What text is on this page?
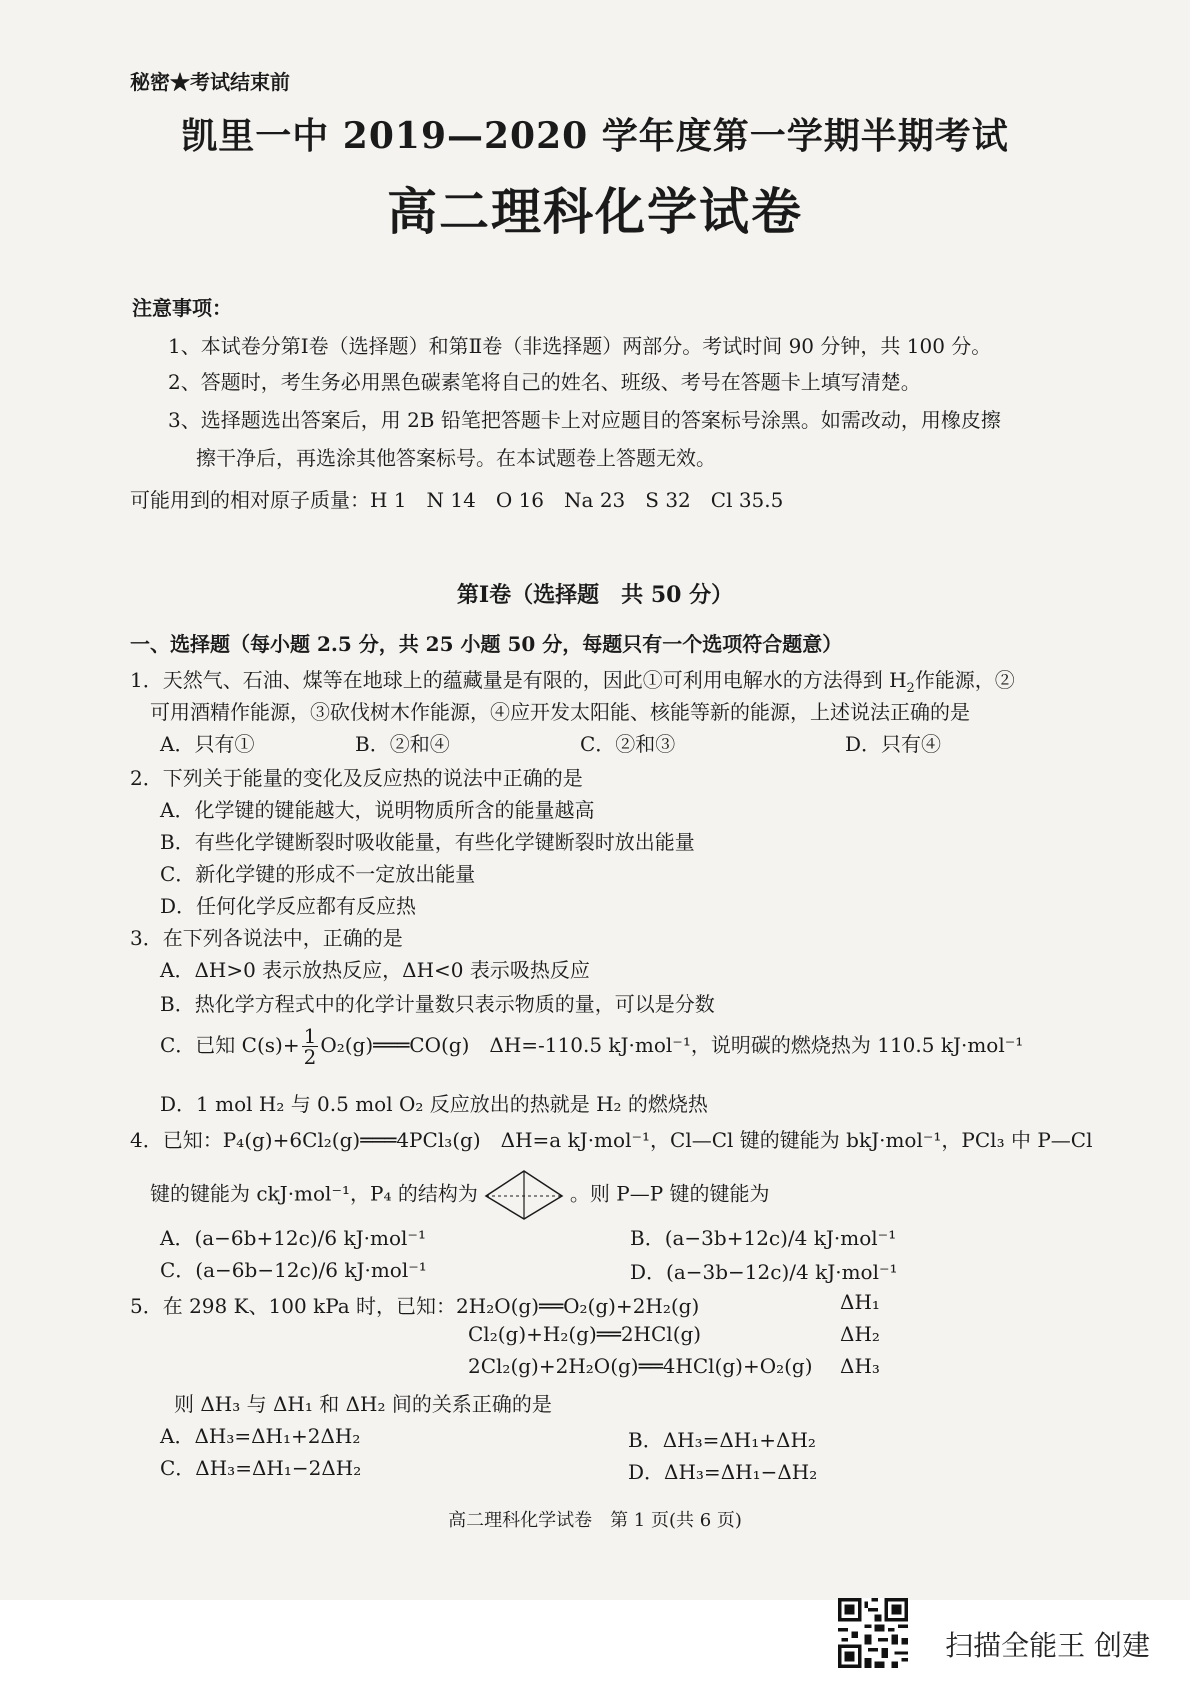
秘密★考试结束前
凯里一中 2019—2020 学年度第一学期半期考试
高二理科化学试卷
注意事项：
1、本试卷分第Ⅰ卷（选择题）和第Ⅱ卷（非选择题）两部分。考试时间 90 分钟，共 100 分。
2、答题时，考生务必用黑色碳素笔将自己的姓名、班级、考号在答题卡上填写清楚。
3、选择题选出答案后，用 2B 铅笔把答题卡上对应题目的答案标号涂黑。如需改动，用橡皮擦
擦干净后，再选涂其他答案标号。在本试题卷上答题无效。
可能用到的相对原子质量：H 1　N 14　O 16　Na 23　S 32　Cl 35.5
第Ⅰ卷（选择题　共 50 分）
一、选择题（每小题 2.5 分，共 25 小题 50 分，每题只有一个选项符合题意）
1．天然气、石油、煤等在地球上的蕴藏量是有限的，因此①可利用电解水的方法得到 $H_2$作能源，②
可用酒精作能源，③砍伐树木作能源，④应开发太阳能、核能等新的能源，上述说法正确的是
A．只有①	B．②和④	C．②和③	D．只有④
2．下列关于能量的变化及反应热的说法中正确的是
A．化学键的键能越大，说明物质所含的能量越高
B．有些化学键断裂时吸收能量，有些化学键断裂时放出能量
C．新化学键的形成不一定放出能量
D．任何化学反应都有反应热
3．在下列各说法中，正确的是
A．ΔH>0 表示放热反应，ΔH<0 表示吸热反应
B．热化学方程式中的化学计量数只表示物质的量，可以是分数
C．已知 $C(s)+ \frac{1}{2}$ O₂(g)═══CO(g)　ΔH=-110.5 kJ·mol⁻¹，说明碳的燃烧热为 110.5 kJ·mol⁻¹
D．1 mol H₂ 与 0.5 mol O₂ 反应放出的热就是 H₂ 的燃烧热
4．已知：P₄(g)+6Cl₂(g)═══4PCl₃(g)　ΔH=a kJ·mol⁻¹，Cl—Cl 键的键能为 bkJ·mol⁻¹，PCl₃ 中 P—Cl
键的键能为 ckJ·mol⁻¹，P₄ 的结构为	。则 P—P 键的键能为
A．(a−6b+12c)/6 kJ·mol⁻¹	B．(a−3b+12c)/4 kJ·mol⁻¹
C．(a−6b−12c)/6 kJ·mol⁻¹	D．(a−3b−12c)/4 kJ·mol⁻¹
5．在 298 K、100 kPa 时，已知：2H₂O(g)══O₂(g)+2H₂(g)	ΔH₁
Cl₂(g)+H₂(g)══2HCl(g)	ΔH₂
2Cl₂(g)+2H₂O(g)══4HCl(g)+O₂(g) ΔH₃
则 ΔH₃ 与 ΔH₁ 和 ΔH₂ 间的关系正确的是
A．ΔH₃=ΔH₁+2ΔH₂	B．ΔH₃=ΔH₁+ΔH₂
C．ΔH₃=ΔH₁−2ΔH₂	D．ΔH₃=ΔH₁−ΔH₂
高二理科化学试卷　第 1 页(共 6 页)
扫描全能王 创建
